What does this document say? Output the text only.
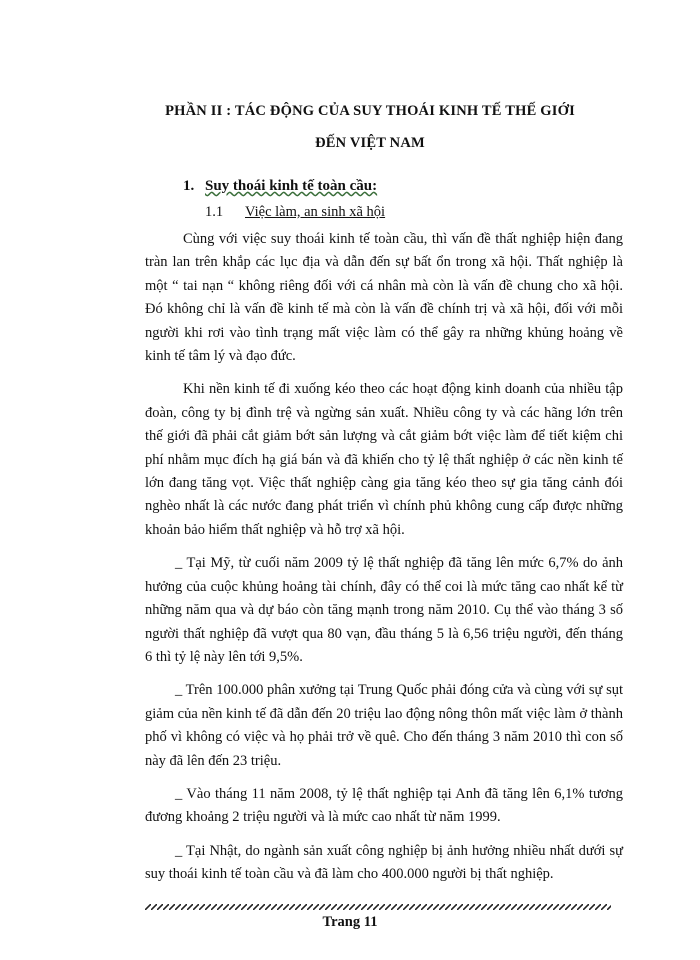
PHẦN II : TÁC ĐỘNG CỦA SUY THOÁI KINH TẾ THẾ GIỚI
ĐẾN VIỆT NAM
1. Suy thoái kinh tế toàn cầu:
1.1 Việc làm, an sinh xã hội

Cùng với việc suy thoái kinh tế toàn cầu, thì vấn đề thất nghiệp hiện đang tràn lan trên khắp các lục địa và dẫn đến sự bất ổn trong xã hội. Thất nghiệp là một “ tai nạn “ không riêng đối với cá nhân mà còn là vấn đề chung cho xã hội. Đó không chỉ là vấn đề kinh tế mà còn là vấn đề chính trị và xã hội, đối với mỗi người khi rơi vào tình trạng mất việc làm có thể gây ra những khủng hoảng về kinh tế tâm lý và đạo đức.

Khi nền kinh tế đi xuống kéo theo các hoạt động kinh doanh của nhiều tập đoàn, công ty bị đình trệ và ngừng sản xuất. Nhiều công ty và các hãng lớn trên thế giới đã phải cắt giảm bớt sản lượng và cắt giảm bớt việc làm để tiết kiệm chi phí nhằm mục đích hạ giá bán và đã khiến cho tỷ lệ thất nghiệp ở các nền kinh tế lớn đang tăng vọt. Việc thất nghiệp càng gia tăng kéo theo sự gia tăng cảnh đói nghèo nhất là các nước đang phát triển vì chính phủ không cung cấp được những khoản bảo hiểm thất nghiệp và hỗ trợ xã hội.

_ Tại Mỹ, từ cuối năm 2009 tỷ lệ thất nghiệp đã tăng lên mức 6,7% do ảnh hưởng của cuộc khủng hoảng tài chính, đây có thể coi là mức tăng cao nhất kể từ những năm qua và dự báo còn tăng mạnh trong năm 2010. Cụ thể vào tháng 3 số người thất nghiệp đã vượt qua 80 vạn, đầu tháng 5 là 6,56 triệu người, đến tháng 6 thì tỷ lệ này lên tới 9,5%.

_ Trên 100.000 phân xưởng tại Trung Quốc phải đóng cửa và cùng với sự sụt giảm của nền kinh tế đã dẫn đến 20 triệu lao động nông thôn mất việc làm ở thành phố vì không có việc và họ phải trở về quê. Cho đến tháng 3 năm 2010 thì con số này đã lên đến 23 triệu.

_ Vào tháng 11 năm 2008, tỷ lệ thất nghiệp tại Anh đã tăng lên 6,1% tương đương khoảng 2 triệu người và là mức cao nhất từ năm 1999.

_ Tại Nhật, do ngành sản xuất công nghiệp bị ảnh hưởng nhiều nhất dưới sự suy thoái kinh tế toàn cầu và đã làm cho 400.000 người bị thất nghiệp.

Trang 11
